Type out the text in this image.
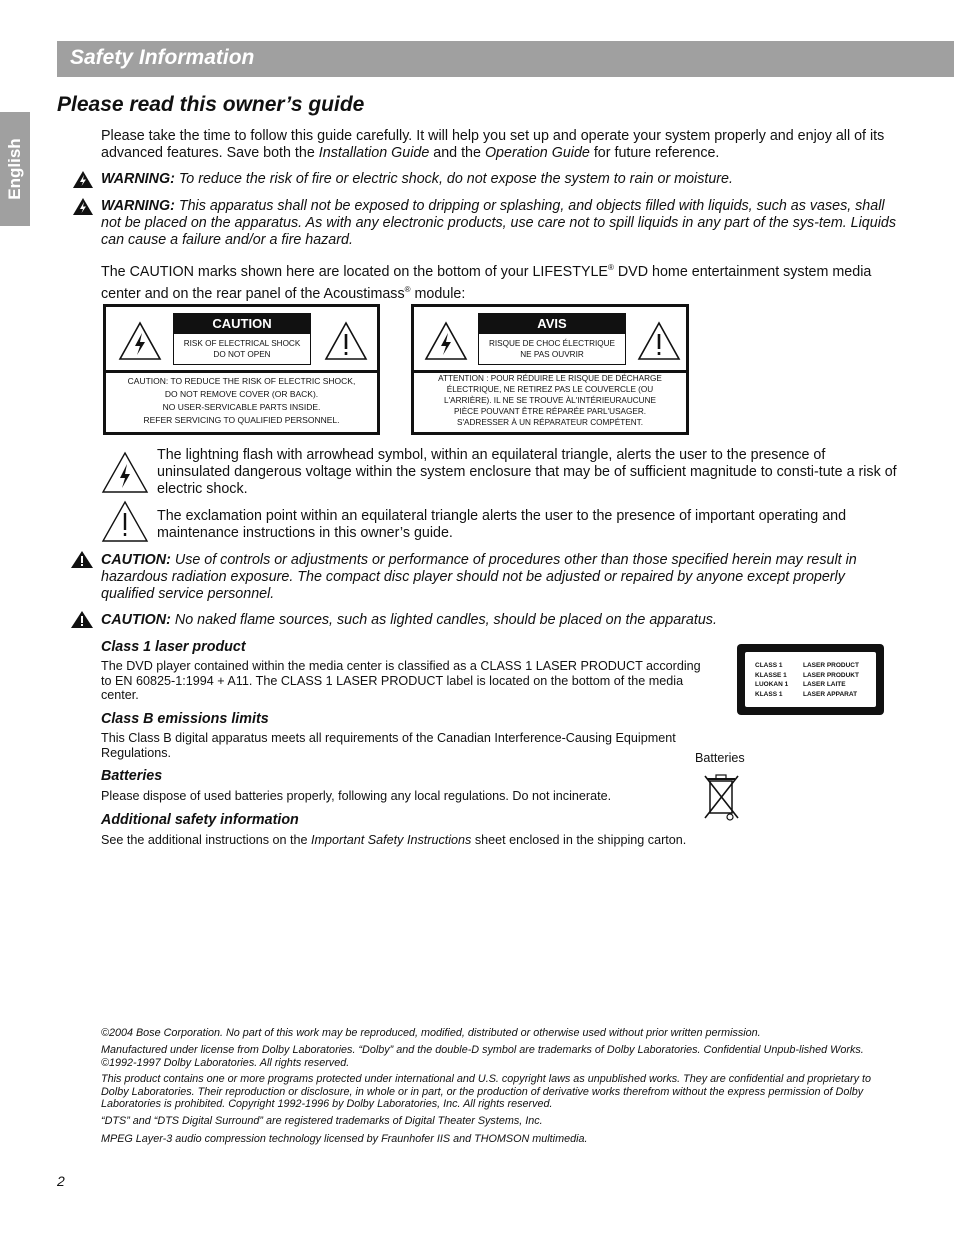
Safety Information
English
Please read this owner’s guide
Please take the time to follow this guide carefully. It will help you set up and operate your system properly and enjoy all of its advanced features. Save both the Installation Guide and the Operation Guide for future reference.
WARNING: To reduce the risk of fire or electric shock, do not expose the system to rain or moisture.
WARNING: This apparatus shall not be exposed to dripping or splashing, and objects filled with liquids, such as vases, shall not be placed on the apparatus. As with any electronic products, use care not to spill liquids in any part of the sys-tem. Liquids can cause a failure and/or a fire hazard.
The CAUTION marks shown here are located on the bottom of your LIFESTYLE® DVD home entertainment system media center and on the rear panel of the Acoustimass® module:
CAUTION
RISK OF ELECTRICAL SHOCK
DO NOT OPEN
CAUTION: TO REDUCE THE RISK OF ELECTRIC SHOCK,
DO NOT REMOVE COVER (OR BACK).
NO USER-SERVICABLE PARTS INSIDE.
REFER SERVICING TO QUALIFIED PERSONNEL.
AVIS
RISQUE DE CHOC ÉLECTRIQUE
NE PAS OUVRIR
ATTENTION : POUR RÉDUIRE LE RISQUE DE DÉCHARGE
ÉLECTRIQUE, NE RETIREZ PAS LE COUVERCLE (OU
L'ARRIÈRE). IL NE SE TROUVE ÀL'INTÉRIEURAUCUNE
PIÈCE POUVANT ÊTRE RÉPARÉE PARL'USAGER.
S'ADRESSER À UN RÉPARATEUR COMPÉTENT.
The lightning flash with arrowhead symbol, within an equilateral triangle, alerts the user to the presence of uninsulated dangerous voltage within the system enclosure that may be of sufficient magnitude to consti-tute a risk of electric shock.
The exclamation point within an equilateral triangle alerts the user to the presence of important operating and maintenance instructions in this owner’s guide.
CAUTION: Use of controls or adjustments or performance of procedures other than those specified herein may result in hazardous radiation exposure. The compact disc player should not be adjusted or repaired by anyone except properly qualified service personnel.
CAUTION: No naked flame sources, such as lighted candles, should be placed on the apparatus.
Class 1 laser product
The DVD player contained within the media center is classified as a CLASS 1 LASER PRODUCT according to EN 60825-1:1994 + A11. The CLASS 1 LASER PRODUCT label is located on the bottom of the media center.
CLASS 1
KLASSE 1
LUOKAN 1
KLASS 1
LASER PRODUCT
LASER PRODUKT
LASER LAITE
LASER APPARAT
Class B emissions limits
This Class B digital apparatus meets all requirements of the Canadian Interference-Causing Equipment Regulations.	Batteries
Batteries
Please dispose of used batteries properly, following any local regulations. Do not incinerate.
Additional safety information
See the additional instructions on the Important Safety Instructions sheet enclosed in the shipping carton.
©2004 Bose Corporation. No part of this work may be reproduced, modified, distributed or otherwise used without prior written permission.
Manufactured under license from Dolby Laboratories. “Dolby” and the double-D symbol are trademarks of Dolby Laboratories. Confidential Unpub-lished Works. ©1992-1997 Dolby Laboratories. All rights reserved.
This product contains one or more programs protected under international and U.S. copyright laws as unpublished works. They are confidential and proprietary to Dolby Laboratories. Their reproduction or disclosure, in whole or in part, or the production of derivative works therefrom without the express permission of Dolby Laboratories is prohibited. Copyright 1992-1996 by Dolby Laboratories, Inc. All rights reserved.
“DTS” and “DTS Digital Surround” are registered trademarks of Digital Theater Systems, Inc.
MPEG Layer-3 audio compression technology licensed by Fraunhofer IIS and THOMSON multimedia.
2
